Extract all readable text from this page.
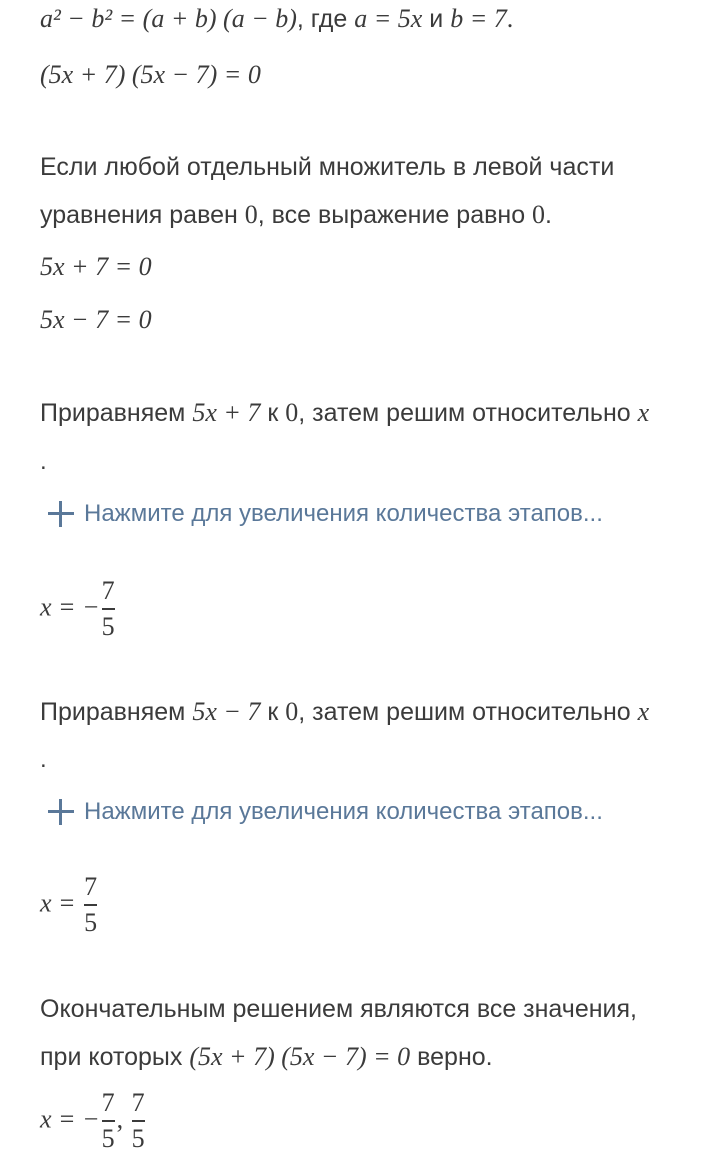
a² − b² = (a + b) (a − b), где a = 5x и b = 7.
(5x + 7) (5x − 7) = 0
Если любой отдельный множитель в левой части
уравнения равен 0, все выражение равно 0.
5x + 7 = 0
5x − 7 = 0
Приравняем 5x + 7 к 0, затем решим относительно x
.
Нажмите для увеличения количества этапов...
x = − $\frac{7}{5}$
Приравняем 5x − 7 к 0, затем решим относительно x
.
Нажмите для увеличения количества этапов...
$x = \frac{7}{5}$
Окончательным решением являются все значения,
при которых (5x + 7) (5x − 7) = 0 верно.
x = − $\frac{7}{5}$ , $\frac{7}{5}$
